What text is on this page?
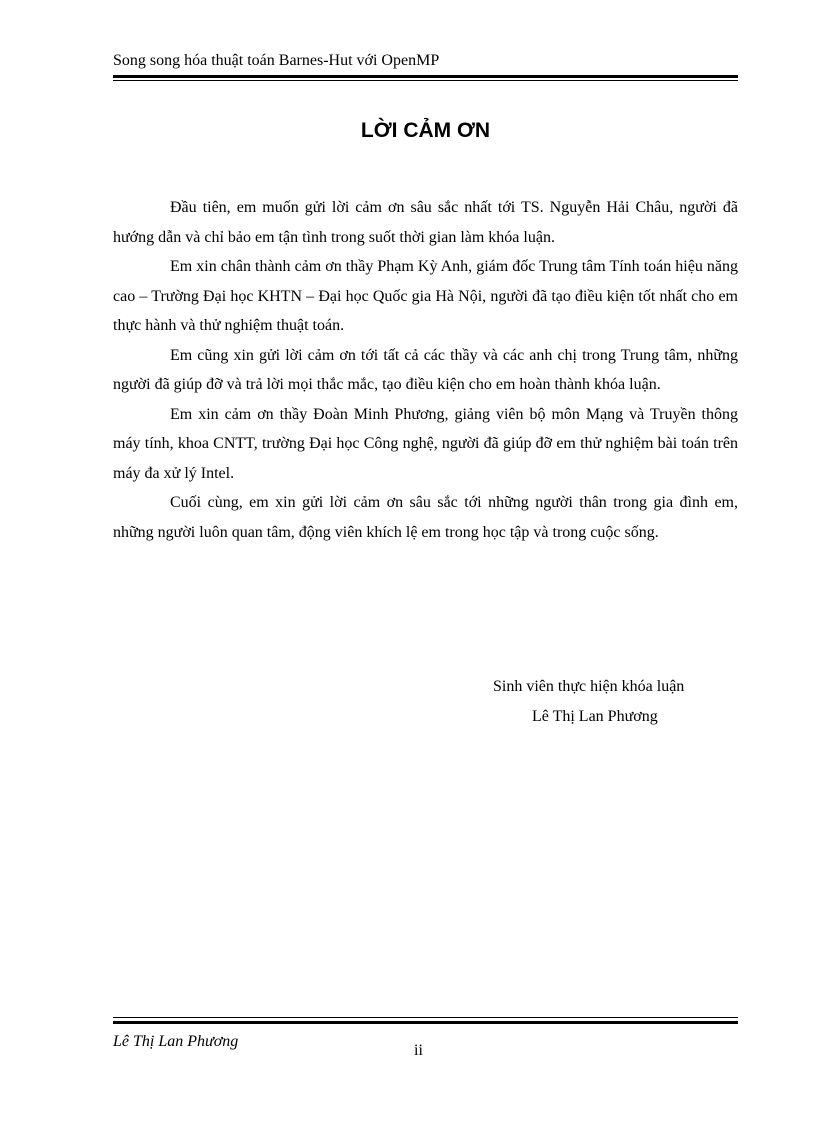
Song song hóa thuật toán Barnes-Hut với OpenMP
LỜI CẢM ƠN

Đầu tiên, em muốn gửi lời cảm ơn sâu sắc nhất tới TS. Nguyễn Hải Châu, người đã hướng dẫn và chỉ bảo em tận tình trong suốt thời gian làm khóa luận.

Em xin chân thành cảm ơn thầy Phạm Kỳ Anh, giám đốc Trung tâm Tính toán hiệu năng cao – Trường Đại học KHTN – Đại học Quốc gia Hà Nội, người đã tạo điều kiện tốt nhất cho em thực hành và thử nghiệm thuật toán.

Em cũng xin gửi lời cảm ơn tới tất cả các thầy và các anh chị trong Trung tâm, những người đã giúp đỡ và trả lời mọi thắc mắc, tạo điều kiện cho em hoàn thành khóa luận.

Em xin cảm ơn thầy Đoàn Minh Phương, giảng viên bộ môn Mạng và Truyền thông máy tính, khoa CNTT, trường Đại học Công nghệ, người đã giúp đỡ em thử nghiệm bài toán trên máy đa xử lý Intel.

Cuối cùng, em xin gửi lời cảm ơn sâu sắc tới những người thân trong gia đình em, những người luôn quan tâm, động viên khích lệ em trong học tập và trong cuộc sống.

Sinh viên thực hiện khóa luận
Lê Thị Lan Phương
Lê Thị Lan Phương
ii
